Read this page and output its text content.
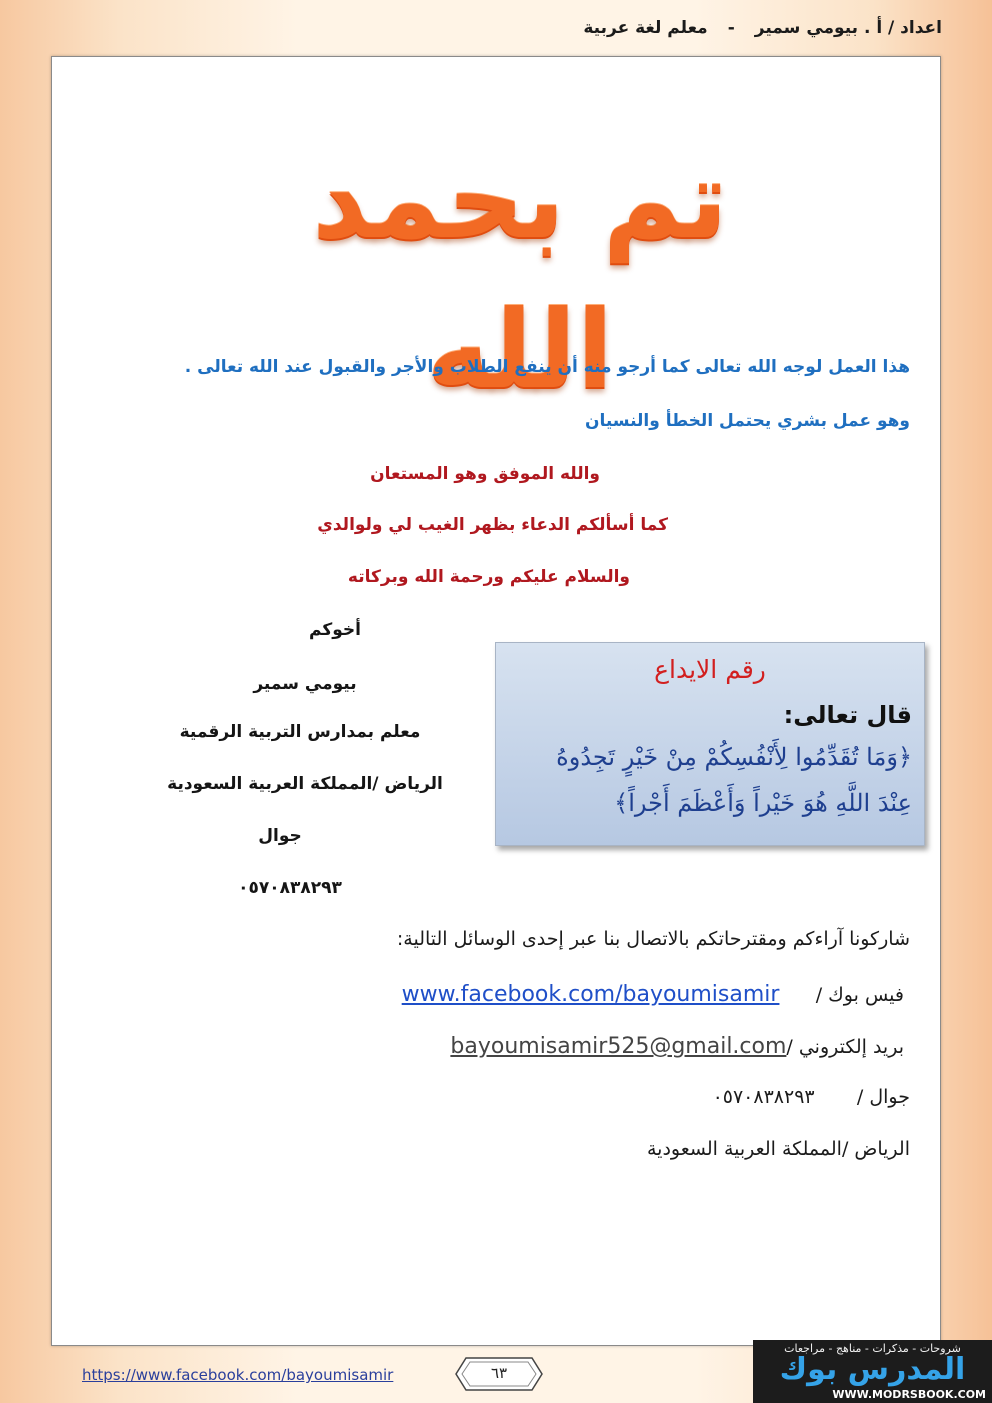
اعداد / أ . بيومي سمير
-
معلم لغة عربية
تم بحمد الله
هذا العمل لوجه الله تعالى كما أرجو منه أن ينفع الطلاب والأجر والقبول عند الله تعالى .
وهو عمل بشري يحتمل الخطأ والنسيان
والله الموفق وهو المستعان
كما أسألكم الدعاء بظهر الغيب لي ولوالدي
والسلام عليكم ورحمة الله وبركاته
أخوكم
بيومي سمير
معلم بمدارس التربية الرقمية
الرياض /المملكة العربية السعودية
جوال
٠٥٧٠٨٣٨٢٩٣
رقم الايداع
قال تعالى:
﴿وَمَا تُقَدِّمُوا لِأَنْفُسِكُمْ مِنْ خَيْرٍ تَجِدُوهُ
عِنْدَ اللَّهِ هُوَ خَيْراً وَأَعْظَمَ أَجْراً﴾
شاركونا آراءكم ومقترحاتكم بالاتصال بنا عبر إحدى الوسائل التالية:
فيس بوك /      www.facebook.com/bayoumisamir
بريد إلكتروني /bayoumisamir525@gmail.com
جوال /       ٠٥٧٠٨٣٨٢٩٣
الرياض /المملكة العربية السعودية
https://www.facebook.com/bayoumisamir	٦٣
شروحات - مذكرات - مناهج - مراجعات
المدرس بوك
WWW.MODRSBOOK.COM
